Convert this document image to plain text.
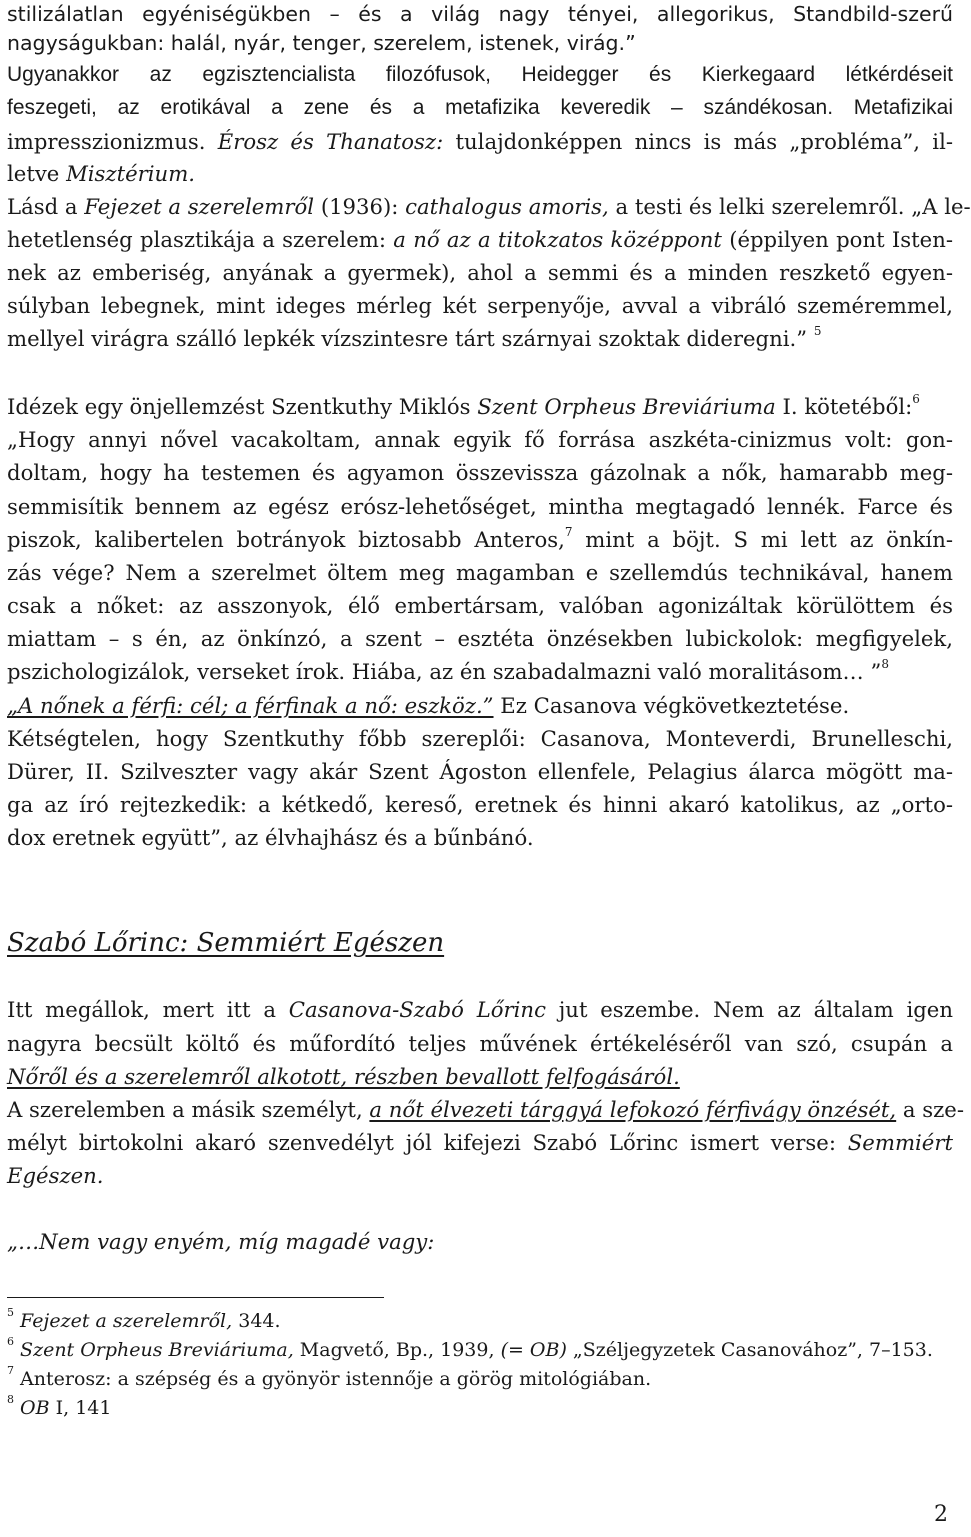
stilizálatlan egyéniségükben – és a világ nagy tényei, allegorikus, Standbild-szerű
nagyságukban: halál, nyár, tenger, szerelem, istenek, virág.”
Ugyanakkor az egzisztencialista filozófusok, Heidegger és Kierkegaard létkérdéseit
feszegeti, az erotikával a zene és a metafizika keveredik – szándékosan. Metafizikai
impresszionizmus. Érosz és Thanatosz: tulajdonképpen nincs is más „probléma”, il-
letve Misztérium.
Lásd a Fejezet a szerelemről (1936): cathalogus amoris, a testi és lelki szerelemről. „A le-
hetetlenség plasztikája a szerelem: a nő az a titokzatos középpont (éppilyen pont Isten-
nek az emberiség, anyának a gyermek), ahol a semmi és a minden reszkető egyen-
súlyban lebegnek, mint ideges mérleg két serpenyője, avval a vibráló szeméremmel,
mellyel virágra szálló lepkék vízszintesre tárt szárnyai szoktak dideregni.” $^5$
Idézek egy önjellemzést Szentkuthy Miklós Szent Orpheus Breviáriuma I. kötetéből:$^6$
„Hogy annyi nővel vacakoltam, annak egyik fő forrása aszkéta-cinizmus volt: gon-
doltam, hogy ha testemen és agyamon összevissza gázolnak a nők, hamarabb meg-
semmisítik bennem az egész erósz-lehetőséget, mintha megtagadó lennék. Farce és
piszok, kalibertelen botrányok biztosabb Anteros,$^7$ mint a böjt. S mi lett az önkín-
zás vége? Nem a szerelmet öltem meg magamban e szellemdús technikával, hanem
csak a nőket: az asszonyok, élő embertársam, valóban agonizáltak körülöttem és
miattam – s én, az önkínzó, a szent – esztéta önzésekben lubickolok: megfigyelek,
pszichologizálok, verseket írok. Hiába, az én szabadalmazni való moralitásom… ”$^8$
„A nőnek a férfi: cél; a férfinak a nő: eszköz.” Ez Casanova végkövetkeztetése.
Kétségtelen, hogy Szentkuthy főbb szereplői: Casanova, Monteverdi, Brunelleschi,
Dürer, II. Szilveszter vagy akár Szent Ágoston ellenfele, Pelagius álarca mögött ma-
ga az író rejtezkedik: a kétkedő, kereső, eretnek és hinni akaró katolikus, az „orto-
dox eretnek együtt”, az élvhajhász és a bűnbánó.
Szabó Lőrinc: Semmiért Egészen
Itt megállok, mert itt a Casanova-Szabó Lőrinc jut eszembe. Nem az általam igen
nagyra becsült költő és műfordító teljes művének értékeléséről van szó, csupán a
Nőről és a szerelemről alkotott, részben bevallott felfogásáról.
A szerelemben a másik személyt, a nőt élvezeti tárggyá lefokozó férfivágy önzését, a sze-
mélyt birtokolni akaró szenvedélyt jól kifejezi Szabó Lőrinc ismert verse: Semmiért
Egészen.
„…Nem vagy enyém, míg magadé vagy:
$^5$ Fejezet a szerelemről, 344.
$^6$ Szent Orpheus Breviáriuma, Magvető, Bp., 1939, (= OB) „Széljegyzetek Casanovához”, 7–153.
$^7$ Anterosz: a szépség és a gyönyör istennője a görög mitológiában.
$^8$ OB I, 141
2
